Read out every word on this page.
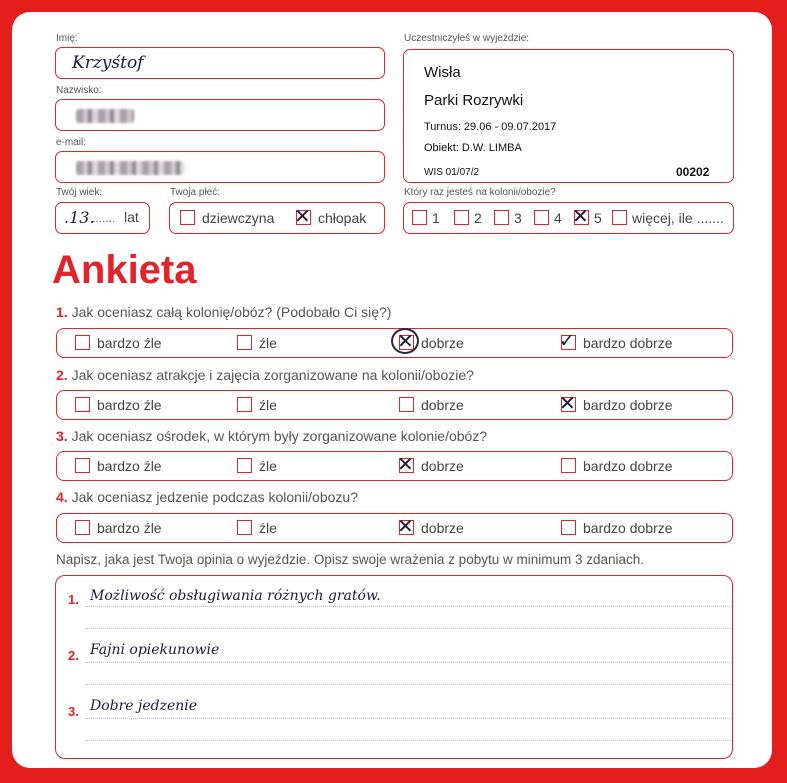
Imię:
Krzyśtof
Nazwisko:
e-mail:
Twój wiek:
.13.
....... lat
Twoja płeć:
dziewczyna ✕ chłopak
Uczestniczyłeś w wyjeździe:
Wisła
Parki Rozrywki
Turnus: 29.06 - 09.07.2017
Obiekt: D.W. LIMBA
WIS 01/07/2	00202
Który raz jesteś na kolonii/obozie?
1 2 3 4 ✕ 5 więcej, ile .......
Ankieta
1. Jak oceniasz całą kolonię/obóz? (Podobało Ci się?)
bardzo źle	źle	✕ dobrze	✓ bardzo dobrze
2. Jak oceniasz atrakcje i zajęcia zorganizowane na kolonii/obozie?
bardzo źle	źle	dobrze	✕ bardzo dobrze
3. Jak oceniasz ośrodek, w którym były zorganizowane kolonie/obóz?
bardzo źle	źle	✕ dobrze	bardzo dobrze
4. Jak oceniasz jedzenie podczas kolonii/obozu?
bardzo źle	źle	✕ dobrze	bardzo dobrze
Napisz, jaka jest Twoja opinia o wyjeździe. Opisz swoje wrażenia z pobytu w minimum 3 zdaniach.
1. Możliwość obsługiwania różnych gratów.
2. Fajni opiekunowie
3. Dobre jedzenie
